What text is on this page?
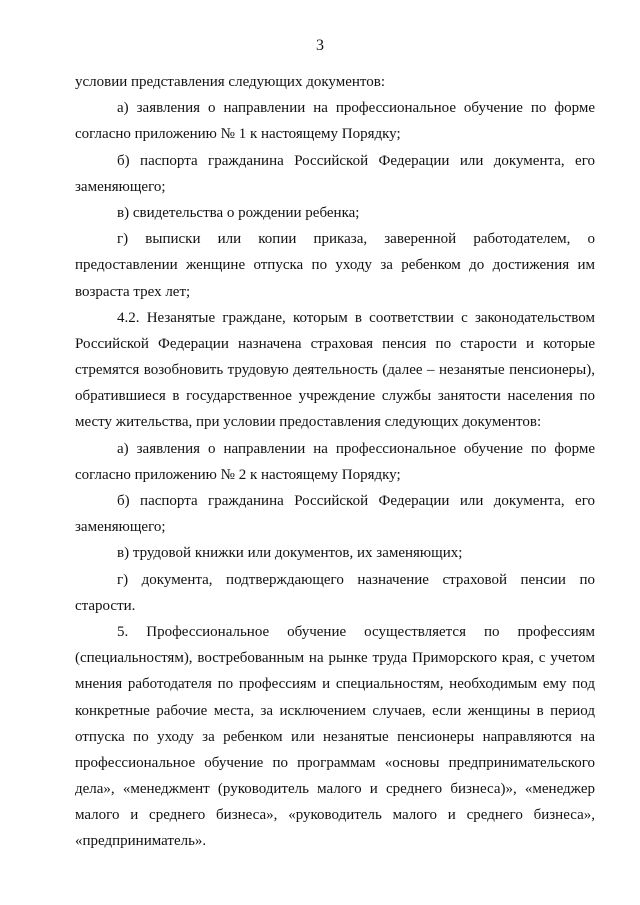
3
условии представления следующих документов:
а) заявления о направлении на профессиональное обучение по форме
согласно приложению № 1 к настоящему Порядку;
б) паспорта гражданина Российской Федерации или документа, его
заменяющего;
в) свидетельства о рождении ребенка;
г) выписки или копии приказа, заверенной работодателем, о
предоставлении женщине отпуска по уходу за ребенком до достижения им
возраста трех лет;
4.2. Незанятые граждане, которым в соответствии с законодательством
Российской Федерации назначена страховая пенсия по старости и которые
стремятся возобновить трудовую деятельность (далее – незанятые пенсионеры),
обратившиеся в государственное учреждение службы занятости населения по
месту жительства, при условии предоставления следующих документов:
а) заявления о направлении на профессиональное обучение по форме
согласно приложению № 2 к настоящему Порядку;
б) паспорта гражданина Российской Федерации или документа, его
заменяющего;
в) трудовой книжки или документов, их заменяющих;
г) документа, подтверждающего назначение страховой пенсии по
старости.
5. Профессиональное обучение осуществляется по профессиям
(специальностям), востребованным на рынке труда Приморского края, с учетом
мнения работодателя по профессиям и специальностям, необходимым ему под
конкретные рабочие места, за исключением случаев, если женщины в период
отпуска по уходу за ребенком или незанятые пенсионеры направляются на
профессиональное обучение по программам «основы предпринимательского
дела», «менеджмент (руководитель малого и среднего бизнеса)», «менеджер
малого и среднего бизнеса», «руководитель малого и среднего бизнеса»,
«предприниматель».
